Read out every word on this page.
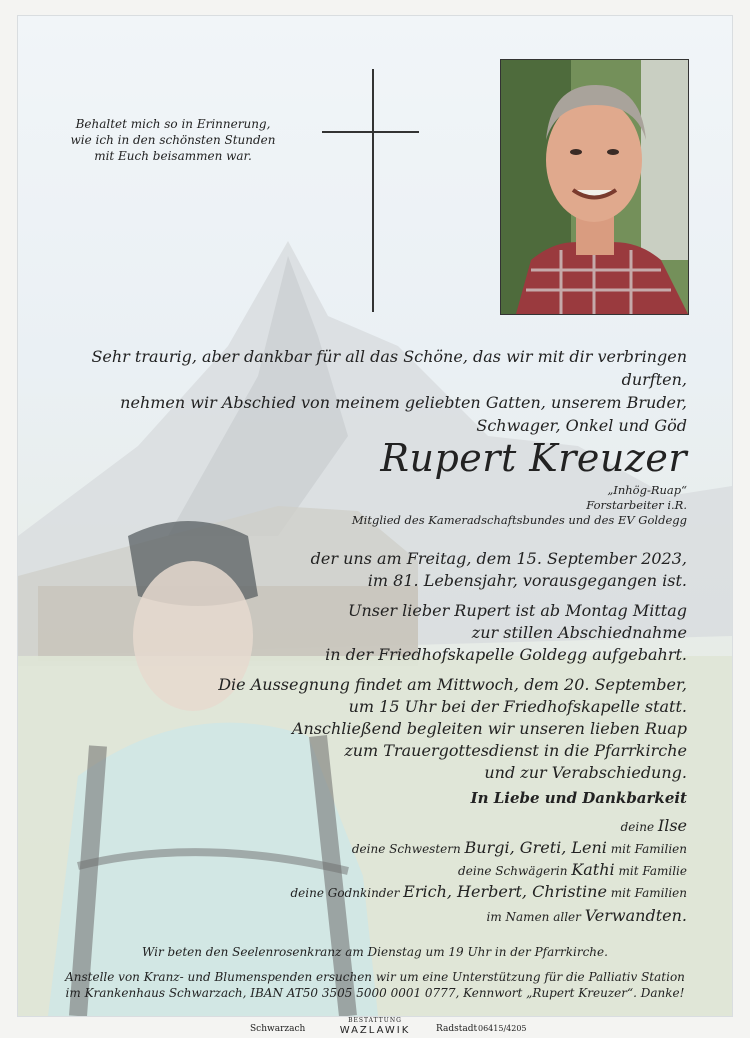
Behaltet mich so in Erinnerung,
wie ich in den schönsten Stunden
mit Euch beisammen war.
Sehr traurig, aber dankbar für all das Schöne, das wir mit dir verbringen durften,
nehmen wir Abschied von meinem geliebten Gatten, unserem Bruder,
Schwager, Onkel und Göd
Rupert Kreuzer
„Inhög-Ruap“
Forstarbeiter i.R.
Mitglied des Kameradschaftsbundes und des EV Goldegg
der uns am Freitag, dem 15. September 2023,
im 81. Lebensjahr, vorausgegangen ist.
Unser lieber Rupert ist ab Montag Mittag
zur stillen Abschiednahme
in der Friedhofskapelle Goldegg aufgebahrt.
Die Aussegnung findet am Mittwoch, dem 20. September,
um 15 Uhr bei der Friedhofskapelle statt.
Anschließend begleiten wir unseren lieben Ruap
zum Trauergottesdienst in die Pfarrkirche
und zur Verabschiedung.
In Liebe und Dankbarkeit
deine Ilse
deine Schwestern Burgi, Greti, Leni mit Familien
deine Schwägerin Kathi mit Familie
deine Godnkinder Erich, Herbert, Christine mit Familien
im Namen aller Verwandten.
Wir beten den Seelenrosenkranz am Dienstag um 19 Uhr in der Pfarrkirche.
Anstelle von Kranz- und Blumenspenden ersuchen wir um eine Unterstützung für die Palliativ Station
im Krankenhaus Schwarzach, IBAN AT50 3505 5000 0001 0777, Kennwort „Rupert Kreuzer“. Danke!
Schwarzach
BESTATTUNG
WAZLAWIK	Radstadt 06415/4205
